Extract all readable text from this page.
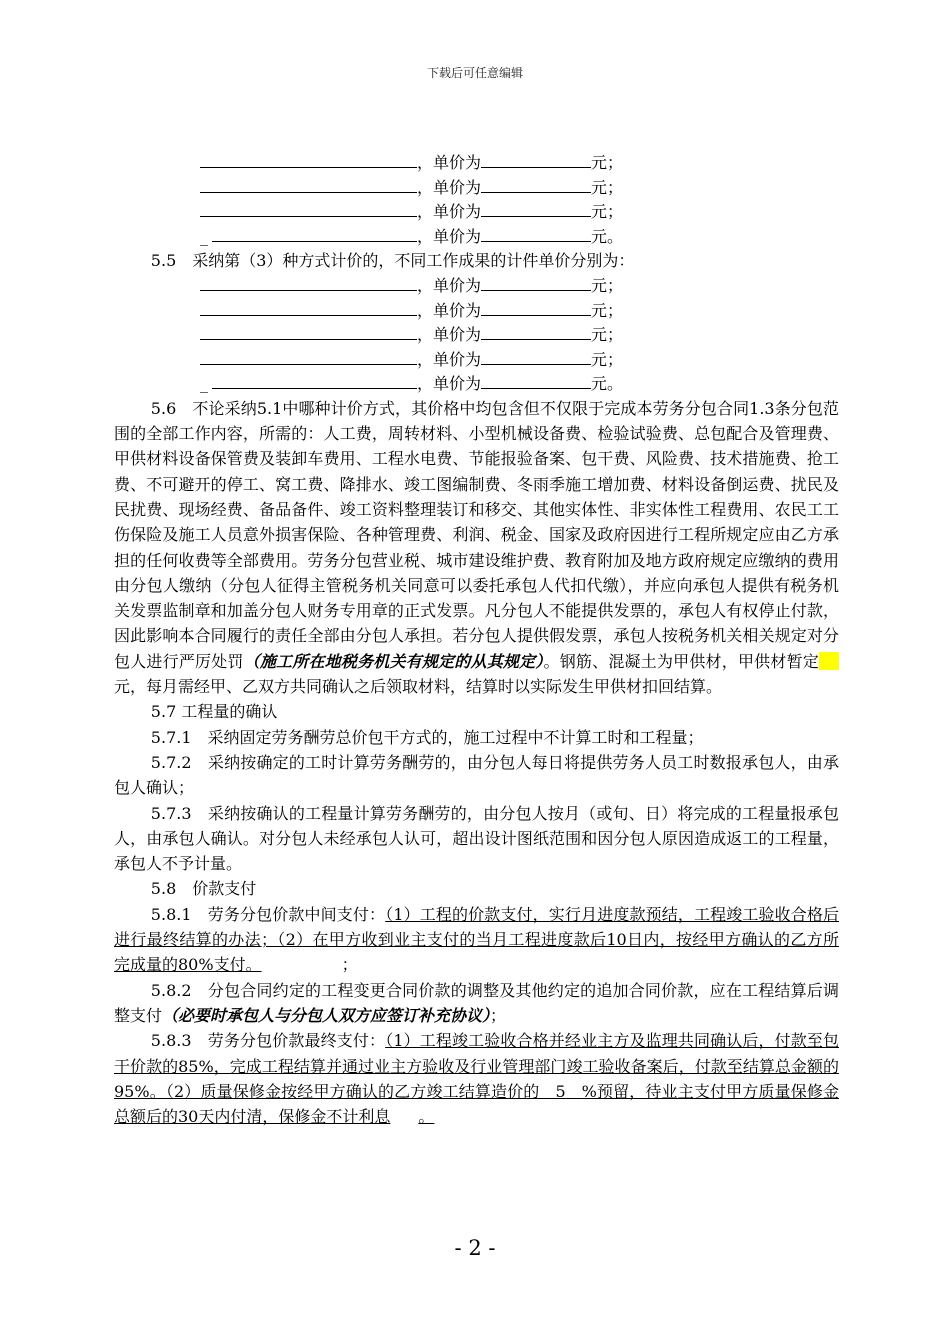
下载后可任意编辑
，单价为	元；
，单价为	元；
，单价为	元；
_	，单价为	元。

5.5　采纳第（3）种方式计价的，不同工作成果的计件单价分别为：

，单价为	元；
，单价为	元；
，单价为	元；
，单价为	元；
_	，单价为	元。

5.6　不论采纳5.1中哪种计价方式，其价格中均包含但不仅限于完成本劳务分包合同1.3条分包范围的全部工作内容，所需的：人工费，周转材料、小型机械设备费、检验试验费、总包配合及管理费、甲供材料设备保管费及装卸车费用、工程水电费、节能报验备案、包干费、风险费、技术措施费、抢工费、不可避开的停工、窝工费、降排水、竣工图编制费、冬雨季施工增加费、材料设备倒运费、扰民及民扰费、现场经费、备品备件、竣工资料整理装订和移交、其他实体性、非实体性工程费用、农民工工伤保险及施工人员意外损害保险、各种管理费、利润、税金、国家及政府因进行工程所规定应由乙方承担的任何收费等全部费用。劳务分包营业税、城市建设维护费、教育附加及地方政府规定应缴纳的费用由分包人缴纳（分包人征得主管税务机关同意可以委托承包人代扣代缴），并应向承包人提供有税务机关发票监制章和加盖分包人财务专用章的正式发票。凡分包人不能提供发票的，承包人有权停止付款，因此影响本合同履行的责任全部由分包人承担。若分包人提供假发票，承包人按税务机关相关规定对分包人进行严厉处罚（施工所在地税务机关有规定的从其规定）。钢筋、混凝土为甲供材，甲供材暂定元，每月需经甲、乙双方共同确认之后领取材料，结算时以实际发生甲供材扣回结算。

5.7 工程量的确认

5.7.1　采纳固定劳务酬劳总价包干方式的，施工过程中不计算工时和工程量；

5.7.2　采纳按确定的工时计算劳务酬劳的，由分包人每日将提供劳务人员工时数报承包人，由承包人确认；

5.7.3　采纳按确认的工程量计算劳务酬劳的，由分包人按月（或旬、日）将完成的工程量报承包人，由承包人确认。对分包人未经承包人认可，超出设计图纸范围和因分包人原因造成返工的工程量，承包人不予计量。

5.8　价款支付

5.8.1　劳务分包价款中间支付：（1）工程的价款支付，实行月进度款预结，工程竣工验收合格后进行最终结算的办法；（2）在甲方收到业主支付的当月工程进度款后10日内，按经甲方确认的乙方所完成量的80%支付。	；

5.8.2　分包合同约定的工程变更合同价款的调整及其他约定的追加合同价款，应在工程结算后调整支付（必要时承包人与分包人双方应签订补充协议）；

5.8.3　劳务分包价款最终支付：（1）工程竣工验收合格并经业主方及监理共同确认后，付款至包干价款的85%，完成工程结算并通过业主方验收及行业管理部门竣工验收备案后，付款至结算总金额的95%。（2）质量保修金按经甲方确认的乙方竣工结算造价的  5  %预留，待业主支付甲方质量保修金总额后的30天内付清，保修金不计利息 。

- 2 -
